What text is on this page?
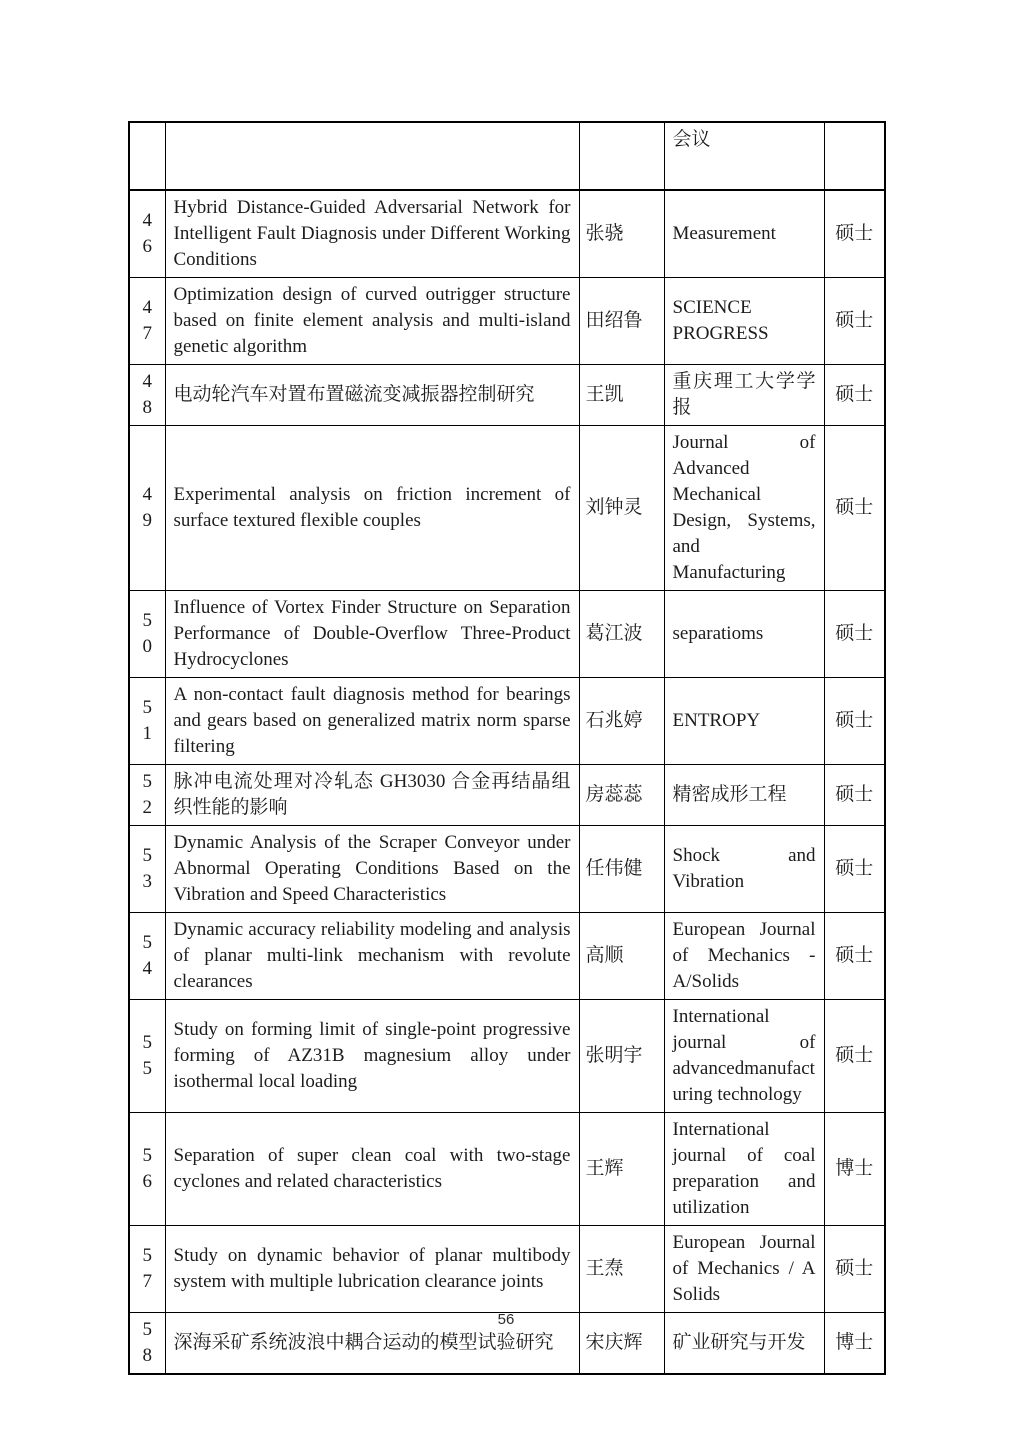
			会议	

46	Hybrid Distance-Guided Adversarial Network for Intelligent Fault Diagnosis under Different Working Conditions	张骁	Measurement	硕士

47	Optimization design of curved outrigger structure based on finite element analysis and multi-island genetic algorithm	田绍鲁	SCIENCE PROGRESS	硕士

48	电动轮汽车对置布置磁流变减振器控制研究	王凯	重庆理工大学学报	硕士

49	Experimental analysis on friction increment of surface textured flexible couples	刘钟灵	Journal of Advanced Mechanical Design, Systems, and Manufacturing	硕士

50	Influence of Vortex Finder Structure on Separation Performance of Double-Overflow Three-Product Hydrocyclones	葛江波	separatioms	硕士

51	A non-contact fault diagnosis method for bearings and gears based on generalized matrix norm sparse filtering	石兆婷	ENTROPY	硕士

52	脉冲电流处理对冷轧态 GH3030 合金再结晶组织性能的影响	房蕊蕊	精密成形工程	硕士

53	Dynamic Analysis of the Scraper Conveyor under Abnormal Operating Conditions Based on the Vibration and Speed Characteristics	任伟健	Shock and Vibration	硕士

54	Dynamic accuracy reliability modeling and analysis of planar multi-link mechanism with revolute clearances	高顺	European Journal of Mechanics - A/Solids	硕士

55	Study on forming limit of single-point progressive forming of AZ31B magnesium alloy under isothermal local loading	张明宇	International journal of advancedmanufacturing technology	硕士

56	Separation of super clean coal with two-stage cyclones and related characteristics	王辉	International journal of coal preparation and utilization	博士

57	Study on dynamic behavior of planar multibody system with multiple lubrication clearance joints	王焘	European Journal of Mechanics / A Solids	硕士

58	深海采矿系统波浪中耦合运动的模型试验研究	宋庆辉	矿业研究与开发	博士
56
